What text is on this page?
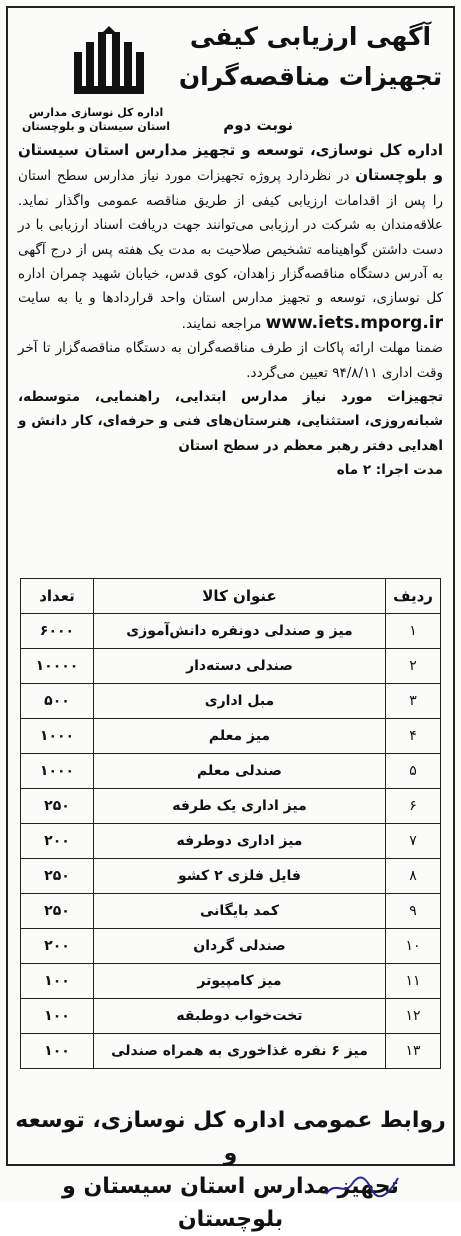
آگهی ارزیابی کیفی
تجهیزات مناقصه‌گران
اداره کل نوسازی مدارس
استان سیستان و بلوچستان	نوبت دوم

اداره کل نوسازی، توسعه و تجهیز مدارس استان سیستان و بلوچستان در نظردارد پروژه تجهیزات مورد نیاز مدارس سطح استان را پس از اقدامات ارزیابی کیفی از طریق مناقصه عمومی واگذار نماید. علاقه‌مندان به شرکت در ارزیابی می‌توانند جهت دریافت اسناد ارزیابی با در دست داشتن گواهینامه تشخیص صلاحیت به مدت یک هفته پس از درج آگهی به آدرس دستگاه مناقصه‌گزار زاهدان، کوی قدس، خیابان شهید چمران اداره کل نوسازی، توسعه و تجهیز مدارس استان واحد قراردادها و یا به سایت www.iets.mporg.ir مراجعه نمایند.

ضمنا مهلت ارائه پاکات از طرف مناقصه‌گران به دستگاه مناقصه‌گزار تا آخر وقت اداری ۹۴/۸/۱۱ تعیین می‌گردد.

تجهیزات مورد نیاز مدارس ابتدایی، راهنمایی، متوسطه، شبانه‌روزی، استثنایی، هنرستان‌های فنی و حرفه‌ای، کار دانش و اهدایی دفتر رهبر معظم در سطح استان

مدت اجرا: ۲ ماه

ردیف	عنوان کالا	تعداد
۱	میز و صندلی دونفره دانش‌آموزی	۶۰۰۰
۲	صندلی دسته‌دار	۱۰۰۰۰
۳	مبل اداری	۵۰۰
۴	میز معلم	۱۰۰۰
۵	صندلی معلم	۱۰۰۰
۶	میز اداری یک طرفه	۲۵۰
۷	میز اداری دوطرفه	۲۰۰
۸	فایل فلزی ۲ کشو	۲۵۰
۹	کمد بایگانی	۲۵۰
۱۰	صندلی گردان	۲۰۰
۱۱	میز کامپیوتر	۱۰۰
۱۲	تخت‌خواب دوطبقه	۱۰۰
۱۳	میز ۶ نفره غذاخوری به همراه صندلی	۱۰۰
روابط عمومی اداره کل نوسازی، توسعه و
تجهیز مدارس استان سیستان و بلوچستان
